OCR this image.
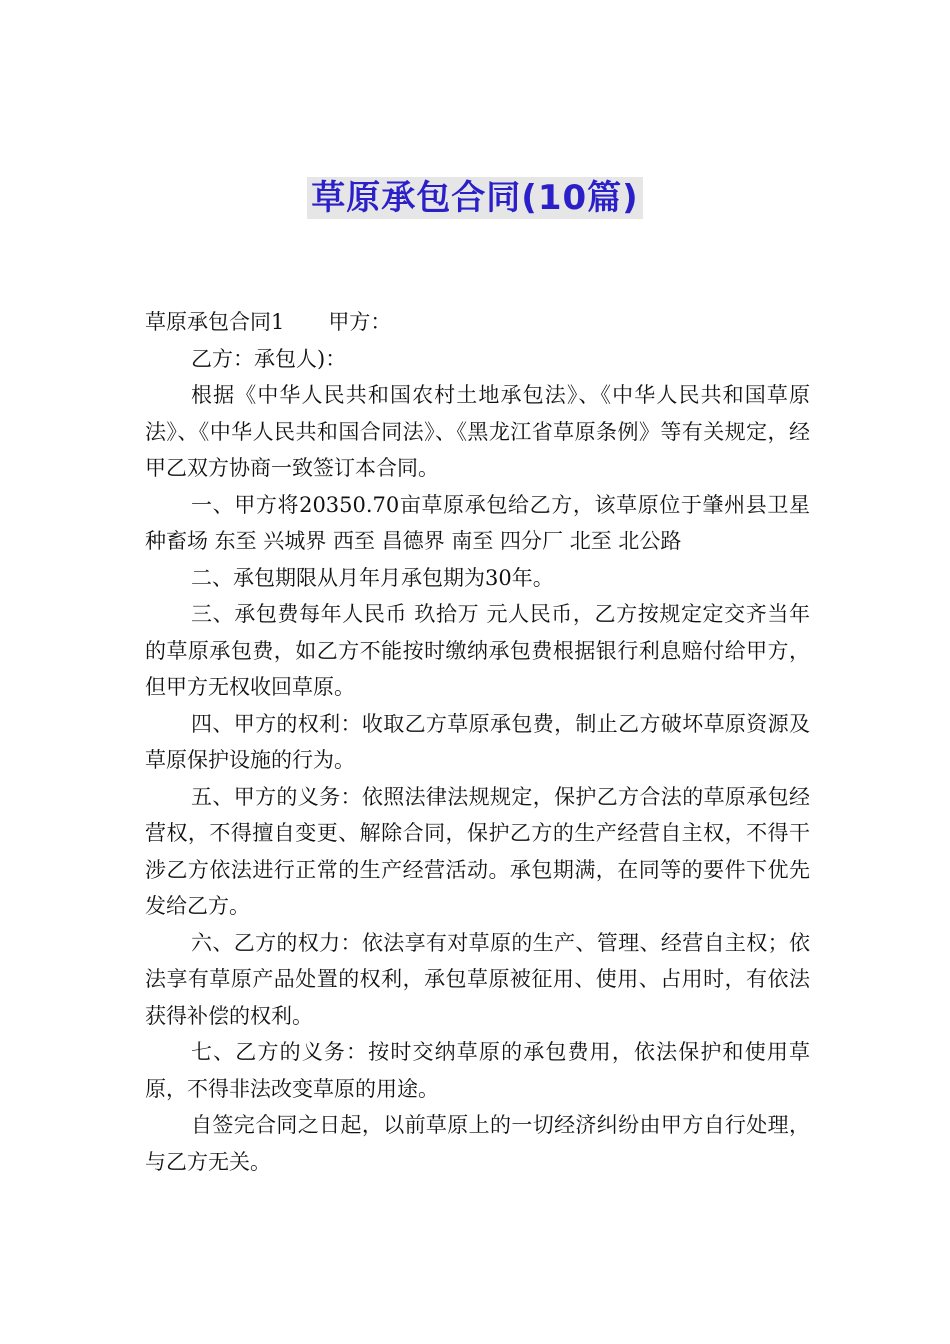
草原承包合同(10篇)

草原承包合同1 甲方：

乙方：承包人)：

根据《中华人民共和国农村土地承包法》、《中华人民共和国草原法》、《中华人民共和国合同法》、《黑龙江省草原条例》等有关规定，经甲乙双方协商一致签订本合同。

一、甲方将20350.70亩草原承包给乙方，该草原位于肇州县卫星种畜场 东至 兴城界 西至 昌德界 南至 四分厂 北至 北公路

二、承包期限从月年月承包期为30年。

三、承包费每年人民币 玖拾万 元人民币，乙方按规定定交齐当年的草原承包费，如乙方不能按时缴纳承包费根据银行利息赔付给甲方，但甲方无权收回草原。

四、甲方的权利：收取乙方草原承包费，制止乙方破坏草原资源及草原保护设施的行为。

五、甲方的义务：依照法律法规规定，保护乙方合法的草原承包经营权，不得擅自变更、解除合同，保护乙方的生产经营自主权，不得干涉乙方依法进行正常的生产经营活动。承包期满，在同等的要件下优先发给乙方。

六、乙方的权力：依法享有对草原的生产、管理、经营自主权；依法享有草原产品处置的权利，承包草原被征用、使用、占用时，有依法获得补偿的权利。

七、乙方的义务：按时交纳草原的承包费用，依法保护和使用草原，不得非法改变草原的用途。

自签完合同之日起，以前草原上的一切经济纠纷由甲方自行处理，与乙方无关。
